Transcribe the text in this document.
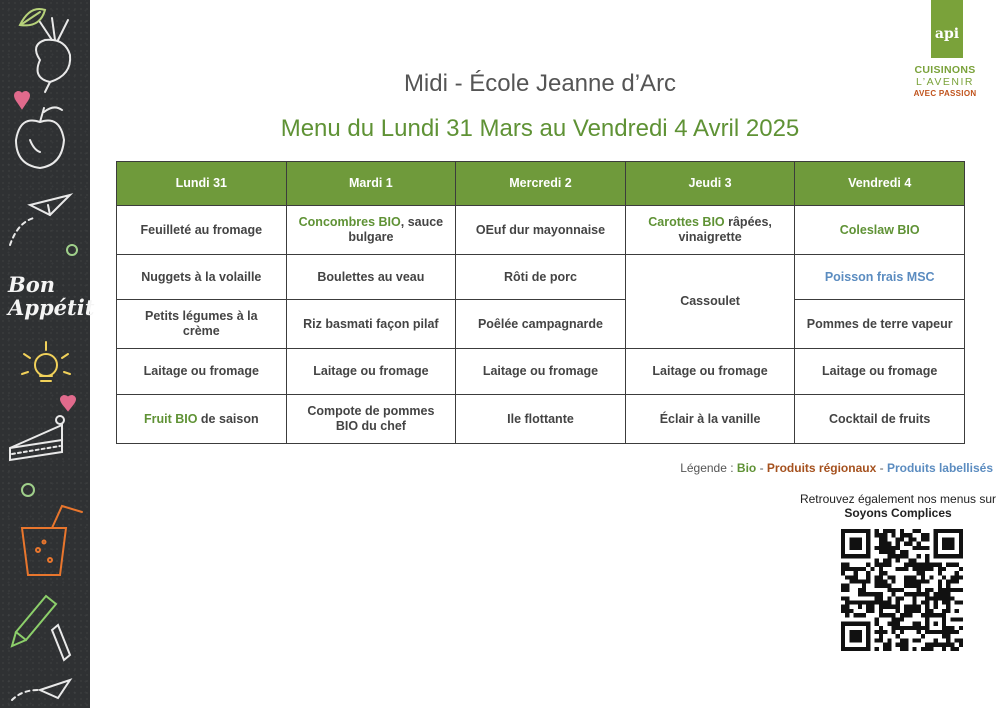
Bon
Appétit
api
CUISINONS
L’AVENIR
AVEC PASSION
Midi - École Jeanne d’Arc
Menu du Lundi 31 Mars au Vendredi 4 Avril 2025
Lundi 31	Mardi 1	Mercredi 2	Jeudi 3	Vendredi 4
Feuilleté au fromage	Concombres BIO, sauce bulgare	OEuf dur mayonnaise	Carottes BIO râpées, vinaigrette	Coleslaw BIO
Nuggets à la volaille	Boulettes au veau	Rôti de porc	Cassoulet	Poisson frais MSC
Petits légumes à la crème	Riz basmati façon pilaf	Poêlée campagnarde		Pommes de terre vapeur
Laitage ou fromage	Laitage ou fromage	Laitage ou fromage	Laitage ou fromage	Laitage ou fromage
Fruit BIO de saison	Compote de pommes BIO du chef	Ile flottante	Éclair à la vanille	Cocktail de fruits
Légende : Bio - Produits régionaux - Produits labellisés
Retrouvez également nos menus sur
Soyons Complices
